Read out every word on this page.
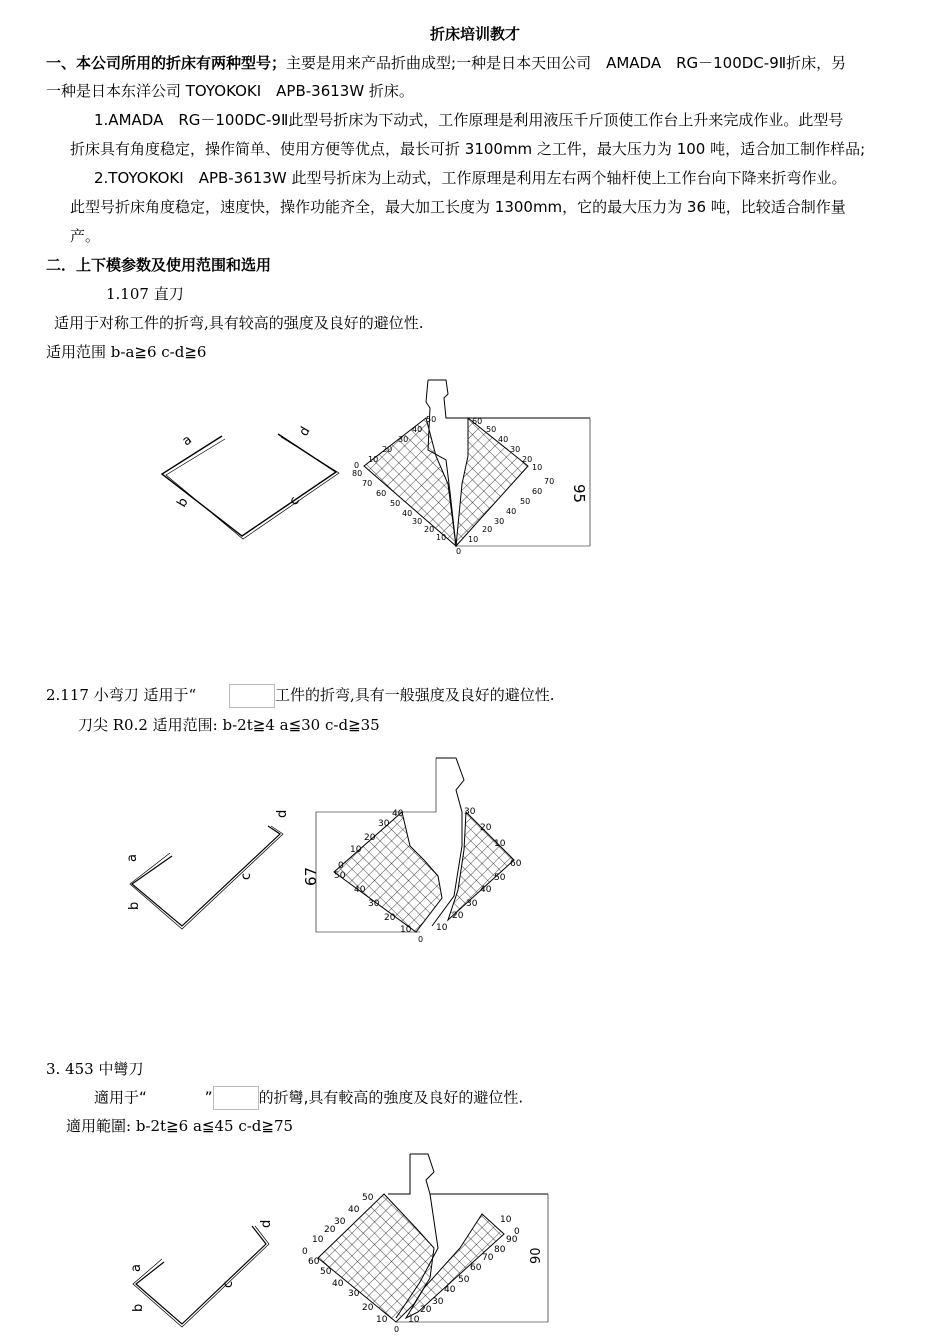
折床培训教才
一、本公司所用的折床有两种型号；主要是用来产品折曲成型;一种是日本天田公司　AMADA　RG－100DC-9Ⅱ折床，另
一种是日本东洋公司 TOYOKOKI　APB-3613W 折床。
1.AMADA　RG－100DC-9Ⅱ此型号折床为下动式，工作原理是利用液压千斤顶使工作台上升来完成作业。此型号
折床具有角度稳定，操作简单、使用方便等优点，最长可折 3100mm 之工件，最大压力为 100 吨，适合加工制作样品;
2.TOYOKOKI　APB-3613W 此型号折床为上动式，工作原理是利用左右两个轴杆使上工作台向下降来折弯作业。
此型号折床角度稳定，速度快，操作功能齐全，最大加工长度为 1300mm，它的最大压力为 36 吨，比较适合制作量
产。
二．上下模参数及使用范围和选用
1.107 直刀
适用于对称工件的折弯,具有较高的强度及良好的避位性.
适用范围 b-a≧6 c-d≧6
a
d
b	c	95
50
40
30
20
10
0
80
70
60
50
40
30
20
10
60
50
40
30
20
10
70
60
50
40
30
20
10
0
2.117 小弯刀 适用于“	工件的折弯,具有一般强度及良好的避位性.
刀尖 R0.2 适用范围: b-2t≧4 a≦30 c-d≧35
a
d
b
c	67
40
30
20
10
0
50
40
30
20
10
30
20
10
60
50
40
30
20
10
0
3. 453 中彎刀
適用于“	”	的折彎,具有較高的強度及良好的避位性.
適用範圍: b-2t≧6 a≦45 c-d≧75
a
d
b
c
90
50
40
30
20
10
0
60
50
40
30
20
10
10
0
90
80
70
60
50
40
30
20
10
0
